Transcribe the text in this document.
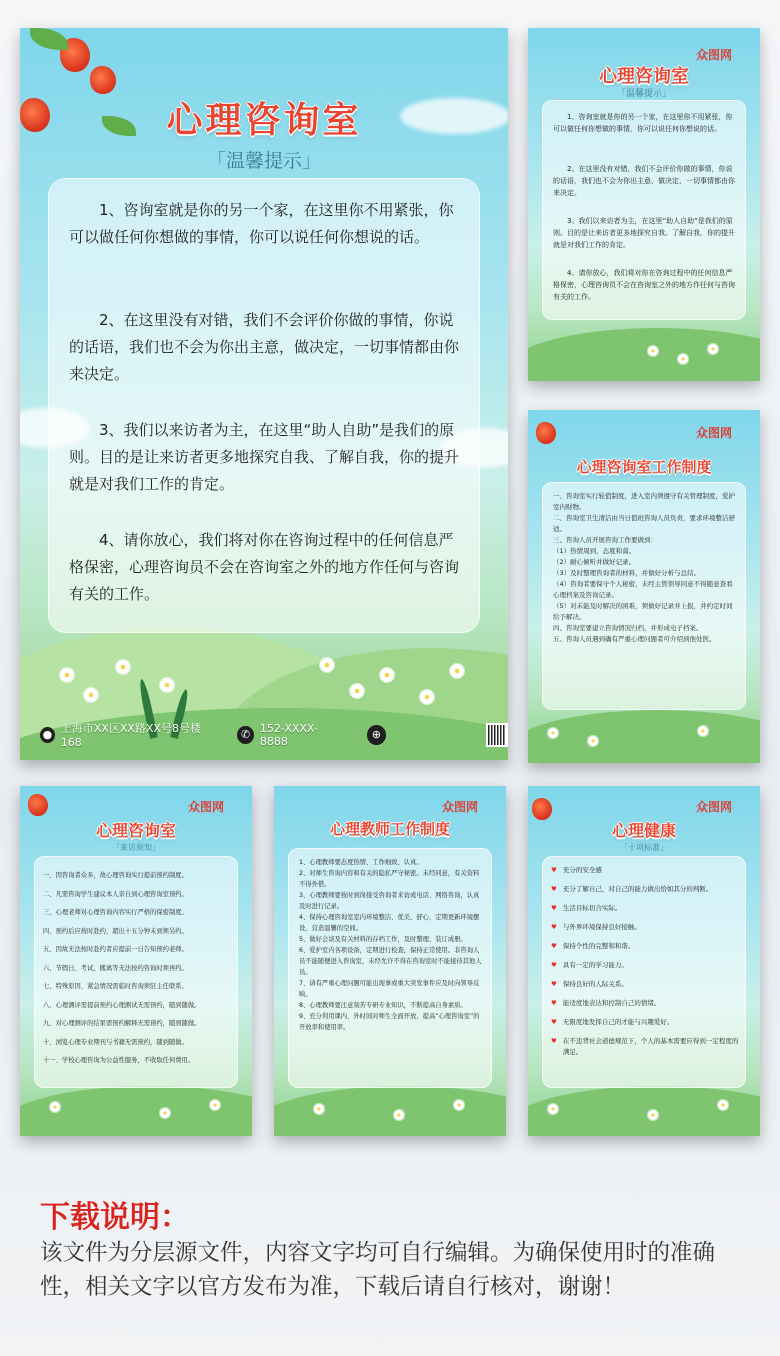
心理咨询室
「温馨提示」
1、咨询室就是你的另一个家，在这里你不用紧张，你可以做任何你想做的事情，你可以说任何你想说的话。
2、在这里没有对错，我们不会评价你做的事情，你说的话语，我们也不会为你出主意，做决定，一切事情都由你来决定。
3、我们以来访者为主，在这里“助人自助”是我们的原则。目的是让来访者更多地探究自我、了解自我，你的提升就是对我们工作的肯定。
4、请你放心，我们将对你在咨询过程中的任何信息严格保密，心理咨询员不会在咨询室之外的地方作任何与咨询有关的工作。
● 上海市XX区XX路XX号8号楼168
✆ 152-XXXX-8888	⊕
众图网
心理咨询室
「温馨提示」
1、咨询室就是你的另一个家，在这里你不用紧张，你可以做任何你想做的事情，你可以说任何你想说的话。
2、在这里没有对错，我们不会评价你做的事情，你说的话语，我们也不会为你出主意，做决定，一切事情都由你来决定。
3、我们以来访者为主，在这里“助人自助”是我们的原则。目的是让来访者更多地探究自我、了解自我，你的提升就是对我们工作的肯定。
4、请你放心，我们将对你在咨询过程中的任何信息严格保密，心理咨询员不会在咨询室之外的地方作任何与咨询有关的工作。
众图网
心理咨询室工作制度
一、咨询室实行轮值制度，进入室内须遵守有关管理制度，爱护室内财物。
二、咨询室卫生清洁由当日值班咨询人员负责，要求环境整洁舒适。
三、咨询人员开展咨询工作要做到：
（1）热情周到，态度和蔼。
（2）耐心倾听并做好记录。
（3）及时整理咨询者的材料，并做好分析与总结。
（4）咨询者要保守个人秘密，未经主管领导同意不得随意查看心理档案及咨询记录。
（5）对未能及时解决的困难，须做好记录并上报，并约定时间给予解决。
四、咨询室要建立咨询情况归档，并形成电子档案。
五、咨询人员遇到确有严重心理问题者可介绍到他处医。
众图网
心理咨询室
「来访须知」
一、因咨询者众多，故心理咨询实行提前预约制度。
二、凡需咨询学生建议本人亲自到心理咨询室预约。
三、心理老师对心理咨询内容实行严格的保密制度。
四、预约后应按时赴约，超出十五分钟未到须另约。
五、因故无法按时赴约者应提前一日告知预约老师。
六、节假日、考试、搬离等无法按约咨询时须再约。
七、特殊原因、紧急情况需临时咨询须驻主任联系。
八、心理测评需提前预约心理测试无需预约，随到随做。
九、对心理测评的结果需预约解释无需预约，随到随做。
十、浏览心理专业期刊与书籍无需预约，随到随做。
十一、学校心理咨询为公益性服务，不收取任何费用。
众图网
心理教师工作制度
1、心理教师要态度热情、工作细致、认真。
2、对师生咨询内容和有关的隐私严守秘密。未经同意，有关资料不得外借。
3、心理教师要按时到岗接受咨询者来访或电话、网络咨询，认真及时进行记录。
4、保持心理咨询室室内环境整洁、优美、舒心，定期更新环境摆设，营造温馨的空间。
5、做好会谈及有关材料的存档工作，及时整理、装订成册。
6、爱护室内各项设备，定期进行检查，保持正常使用。非咨询人员不能随便进入咨询室，未经允许不得在咨询室时不能接待其他人员。
7、请有严重心理问题可能出现事或重大突发事件应及时向领导反映。
8、心理教师要注意刻苦专研专业知识，不断提高自身素质。
9、充分利用课内、外时间对师生全面开放，提高“心理咨询室”的开放率和使用率。
众图网
心理健康
「十项标准」
♥ 充分的安全感
♥ 充分了解自己，对自己的能力做出恰如其分的判断。
♥ 生活目标切合实际。
♥ 与外界环境保持良好接触。
♥ 保持个性的完整和和谐。
♥ 具有一定的学习能力。
♥ 保持良好的人际关系。
♥ 能适度地表达和控制自己的情绪。
♥ 无限度地发挥自己的才能与兴趣爱好。
♥ 在不违背社会道德规范下，个人的基本需要应得到一定程度的满足。
下载说明：
该文件为分层源文件，内容文字均可自行编辑。为确保使用时的准确性，相关文字以官方发布为准，下载后请自行核对，谢谢！
